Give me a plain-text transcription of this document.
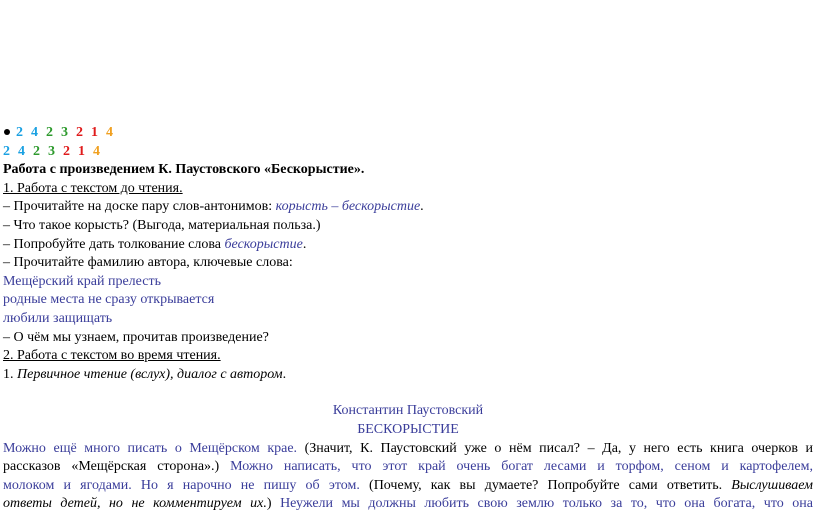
2 4 2 3 2 1 4
2 4 2 3 2 1 4
Работа с произведением К. Паустовского «Бескорыстие».
1. Работа с текстом до чтения.
– Прочитайте на доске пару слов-антонимов: корысть – бескорыстие.
– Что такое корысть? (Выгода, материальная польза.)
– Попробуйте дать толкование слова бескорыстие.
– Прочитайте фамилию автора, ключевые слова:
Мещёрский край прелесть
родные места не сразу открывается
любили защищать
– О чём мы узнаем, прочитав произведение?
2. Работа с текстом во время чтения.
1. Первичное чтение (вслух), диалог с автором.
Константин Паустовский
БЕСКОРЫСТИЕ
Можно ещё много писать о Мещёрском крае. (Значит, К. Паустовский уже о нём писал? – Да, у него есть книга очерков и
рассказов «Мещёрская сторона».) Можно написать, что этот край очень богат лесами и торфом, сеном и картофелем,
молоком и ягодами. Но я нарочно не пишу об этом. (Почему, как вы думаете? Попробуйте сами ответить. Выслушиваем
ответы детей, но не комментируем их.) Неужели мы должны любить свою землю только за то, что она богата, что она
